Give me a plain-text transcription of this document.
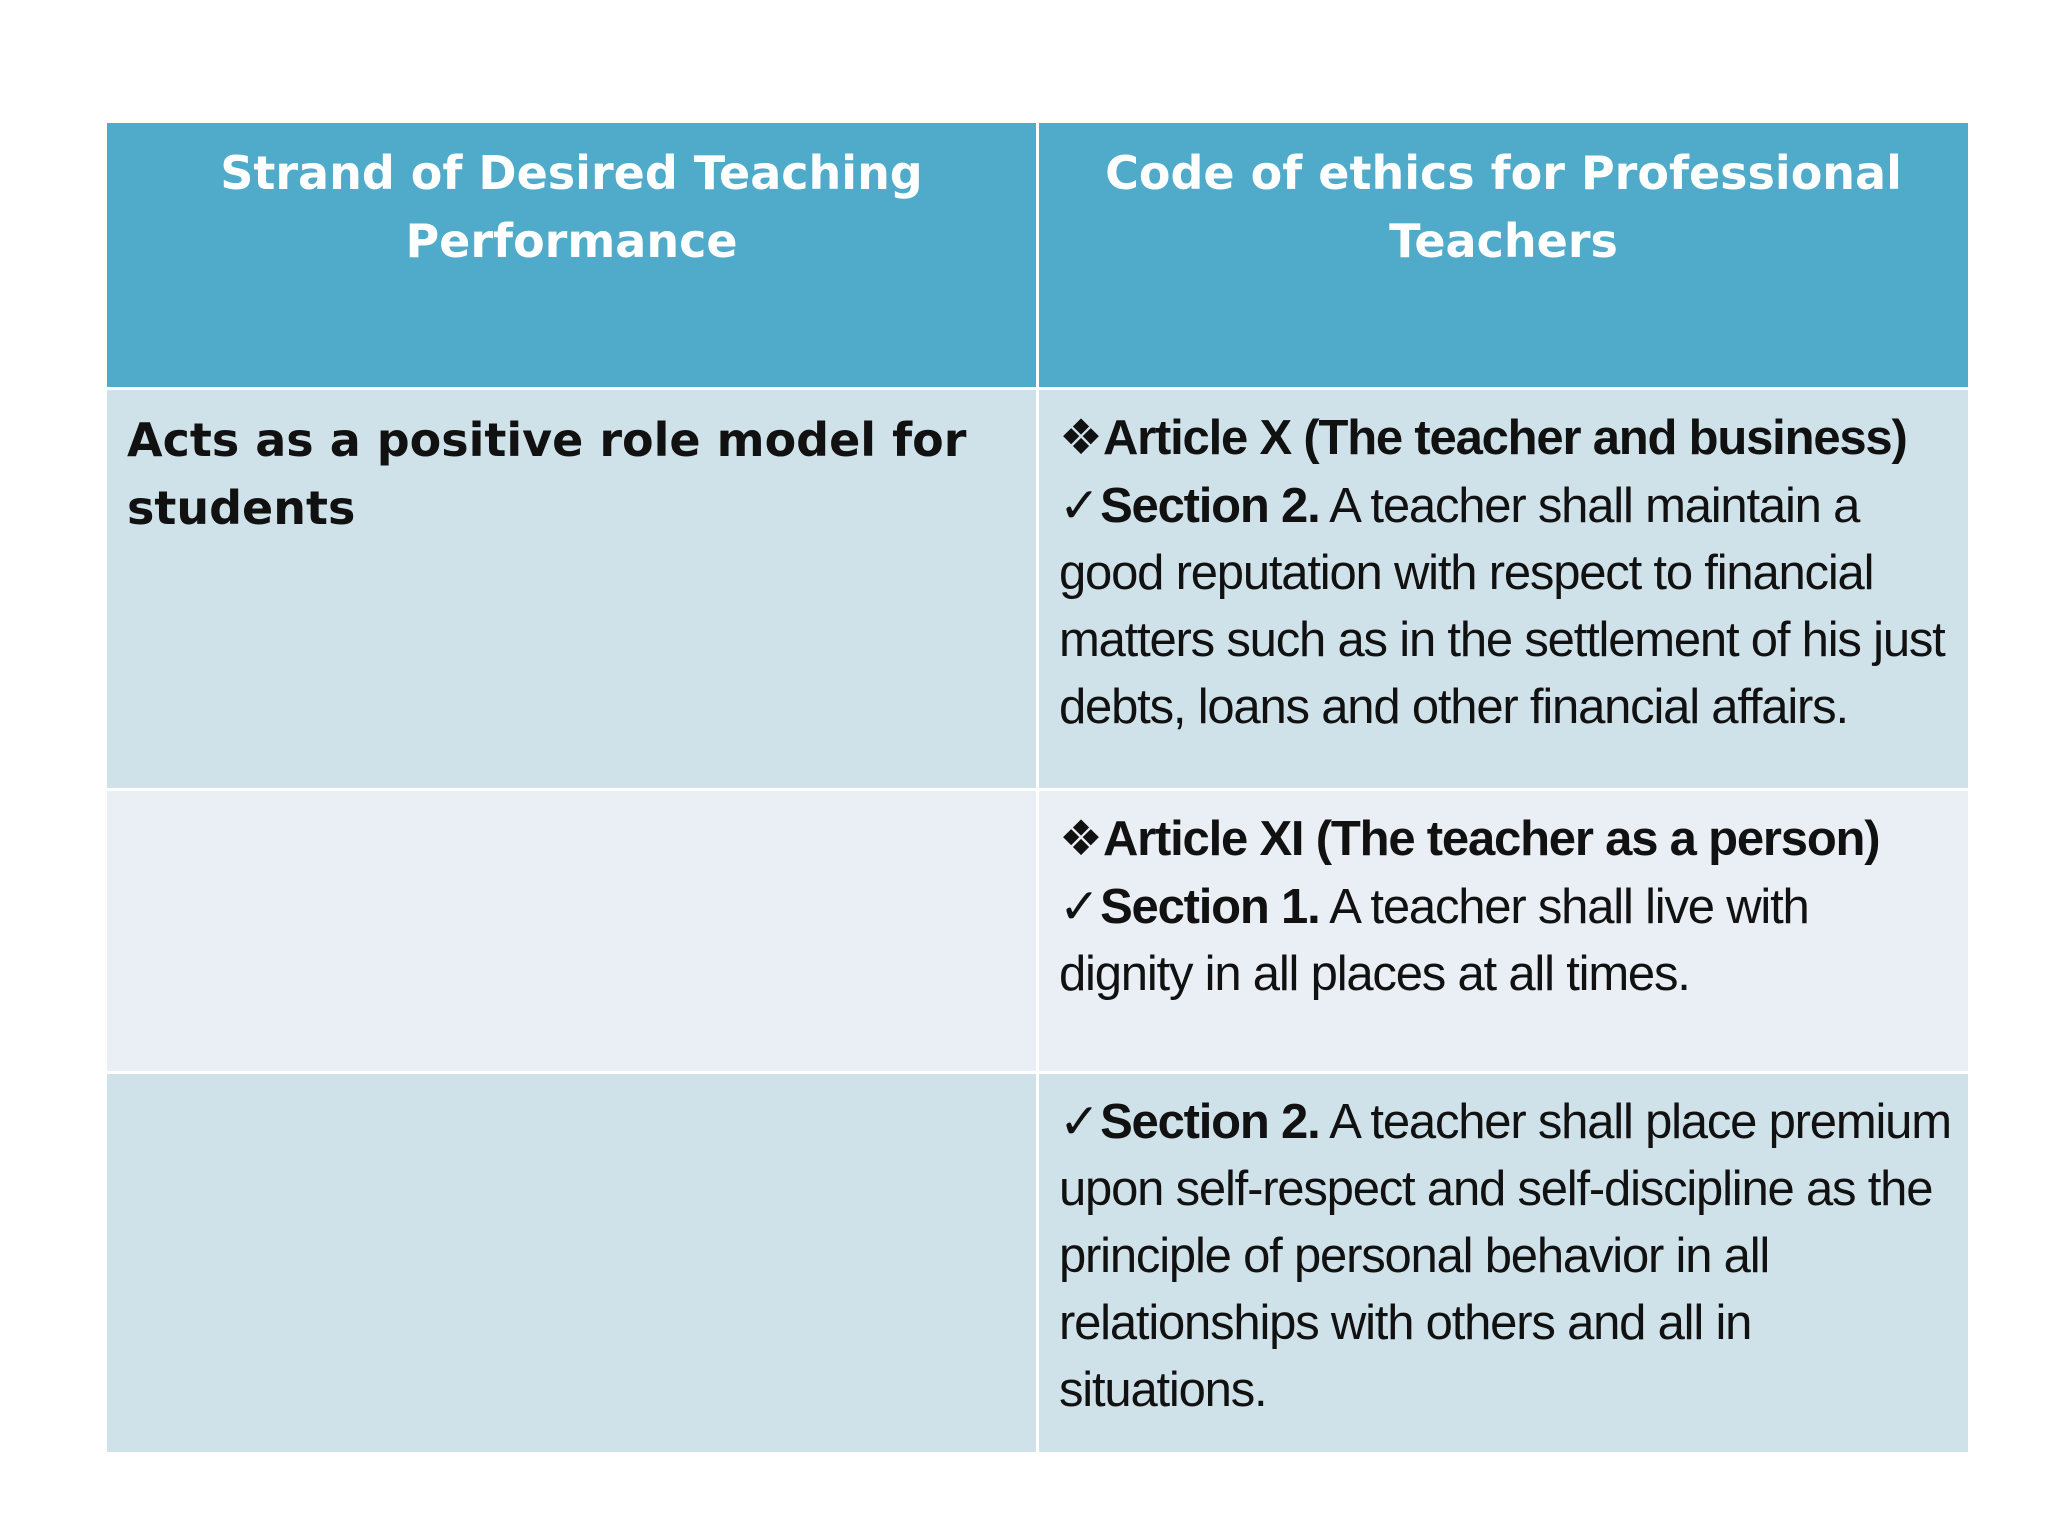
Strand of Desired Teaching Performance	Code of ethics for Professional Teachers

Acts as a positive role model for students	❖Article X (The teacher and business)

✓Section 2. A teacher shall maintain a good reputation with respect to financial matters such as in the settlement of his just debts, loans and other financial affairs.

	❖Article XI (The teacher as a person)

✓Section 1. A teacher shall live with dignity in all places at all times.

	✓Section 2. A teacher shall place premium upon self-respect and self-discipline as the principle of personal behavior in all relationships with others and all in situations.
